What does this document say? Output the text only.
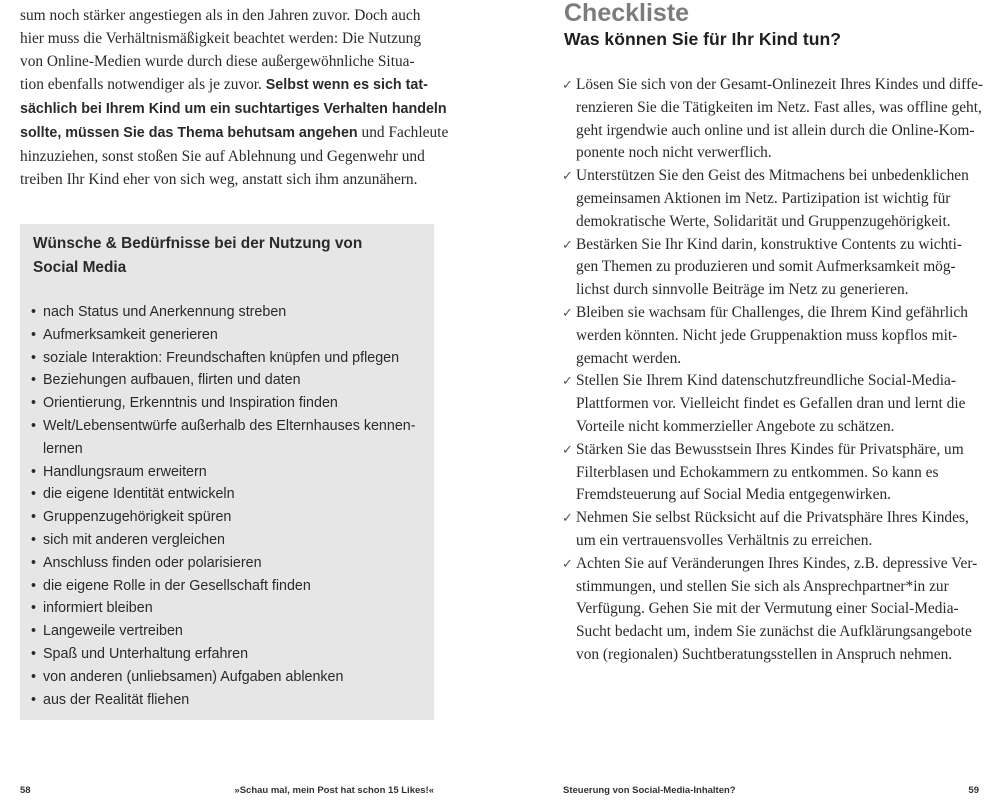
sum noch stärker angestiegen als in den Jahren zuvor. Doch auch
hier muss die Verhältnismäßigkeit beachtet werden: Die Nutzung
von Online-Medien wurde durch diese außergewöhnliche Situa-
tion ebenfalls notwendiger als je zuvor. Selbst wenn es sich tat-
sächlich bei Ihrem Kind um ein suchtartiges Verhalten handeln
sollte, müssen Sie das Thema behutsam angehen und Fachleute
hinzuziehen, sonst stoßen Sie auf Ablehnung und Gegenwehr und
treiben Ihr Kind eher von sich weg, anstatt sich ihm anzunähern.
Wünsche & Bedürfnisse bei der Nutzung von
Social Media
• nach Status und Anerkennung streben
• Aufmerksamkeit generieren
• soziale Interaktion: Freundschaften knüpfen und pflegen
• Beziehungen aufbauen, flirten und daten
• Orientierung, Erkenntnis und Inspiration finden
• Welt/Lebensentwürfe außerhalb des Elternhauses kennen-
lernen
• Handlungsraum erweitern
• die eigene Identität entwickeln
• Gruppenzugehörigkeit spüren
• sich mit anderen vergleichen
• Anschluss finden oder polarisieren
• die eigene Rolle in der Gesellschaft finden
• informiert bleiben
• Langeweile vertreiben
• Spaß und Unterhaltung erfahren
• von anderen (unliebsamen) Aufgaben ablenken
• aus der Realität fliehen
58	»Schau mal, mein Post hat schon 15 Likes!«
Checkliste
Was können Sie für Ihr Kind tun?
✓ Lösen Sie sich von der Gesamt-Onlinezeit Ihres Kindes und diffe-
renzieren Sie die Tätigkeiten im Netz. Fast alles, was offline geht,
geht irgendwie auch online und ist allein durch die Online-Kom-
ponente noch nicht verwerflich.
✓ Unterstützen Sie den Geist des Mitmachens bei unbedenklichen
gemeinsamen Aktionen im Netz. Partizipation ist wichtig für
demokratische Werte, Solidarität und Gruppenzugehörigkeit.
✓ Bestärken Sie Ihr Kind darin, konstruktive Contents zu wichti-
gen Themen zu produzieren und somit Aufmerksamkeit mög-
lichst durch sinnvolle Beiträge im Netz zu generieren.
✓ Bleiben sie wachsam für Challenges, die Ihrem Kind gefährlich
werden könnten. Nicht jede Gruppenaktion muss kopflos mit-
gemacht werden.
✓ Stellen Sie Ihrem Kind datenschutzfreundliche Social-Media-
Plattformen vor. Vielleicht findet es Gefallen dran und lernt die
Vorteile nicht kommerzieller Angebote zu schätzen.
✓ Stärken Sie das Bewusstsein Ihres Kindes für Privatsphäre, um
Filterblasen und Echokammern zu entkommen. So kann es
Fremdsteuerung auf Social Media entgegenwirken.
✓ Nehmen Sie selbst Rücksicht auf die Privatsphäre Ihres Kindes,
um ein vertrauensvolles Verhältnis zu erreichen.
✓ Achten Sie auf Veränderungen Ihres Kindes, z.B. depressive Ver-
stimmungen, und stellen Sie sich als Ansprechpartner*in zur
Verfügung. Gehen Sie mit der Vermutung einer Social-Media-
Sucht bedacht um, indem Sie zunächst die Aufklärungsangebote
von (regionalen) Suchtberatungsstellen in Anspruch nehmen.
Steuerung von Social-Media-Inhalten?	59
